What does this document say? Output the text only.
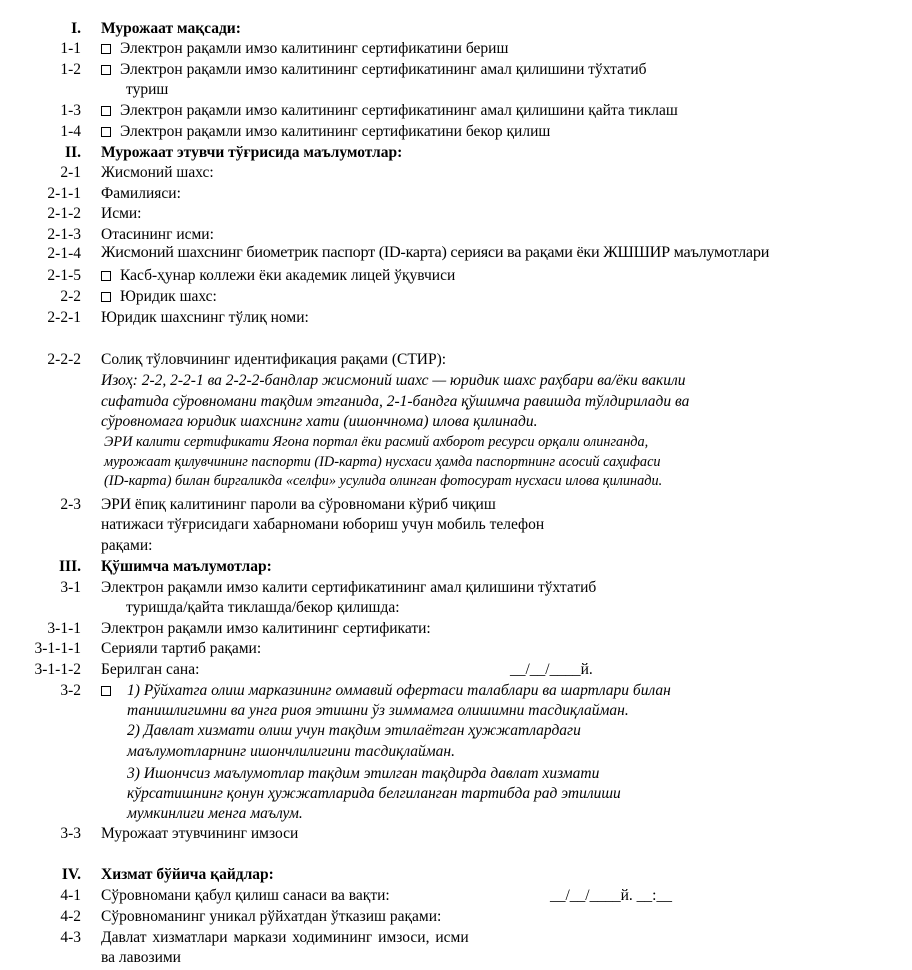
I. Мурожаат мақсади:
1-1	Электрон рақамли имзо калитининг сертификатини бериш
1-2	Электрон рақамли имзо калитининг сертификатининг амал қилишини тўхтатиб
туриш
1-3	Электрон рақамли имзо калитининг сертификатининг амал қилишини қайта тиклаш
1-4	Электрон рақамли имзо калитининг сертификатини бекор қилиш
II. Мурожаат этувчи тўғрисида маълумотлар:
2-1 Жисмоний шахс:
2-1-1 Фамилияси:
2-1-2 Исми:
2-1-3 Отасининг исми:
2-1-4 Жисмоний шахснинг биометрик паспорт (ID-карта) серияси ва рақами ёки ЖШШИР маълумотлари
2-1-5	Касб-ҳунар коллежи ёки академик лицей ўқувчиси
2-2	Юридик шахс:
2-2-1 Юридик шахснинг тўлиқ номи:
2-2-2 Солиқ тўловчининг идентификация рақами (СТИР):
Изоҳ: 2-2, 2-2-1 ва 2-2-2-бандлар жисмоний шахс — юридик шахс раҳбари ва/ёки вакили
сифатида сўровномани тақдим этганида, 2-1-бандга қўшимча равишда тўлдирилади ва
сўровномага юридик шахснинг хати (ишончнома) илова қилинади.
ЭРИ калити сертификати Ягона портал ёки расмий ахборот ресурси орқали олинганда,
мурожаат қилувчининг паспорти (ID-карта) нусхаси ҳамда паспортнинг асосий саҳифаси
(ID-карта) билан биргаликда «селфи» усулида олинган фотосурат нусхаси илова қилинади.
2-3 ЭРИ ёпиқ калитининг пароли ва сўровномани кўриб чиқиш
натижаси тўғрисидаги хабарномани юбориш учун мобиль телефон
рақами:
III. Қўшимча маълумотлар:
3-1 Электрон рақамли имзо калити сертификатининг амал қилишини тўхтатиб
туришда/қайта тиклашда/бекор қилишда:
3-1-1 Электрон рақамли имзо калитининг сертификати:
3-1-1-1 Серияли тартиб рақами:
3-1-1-2 Берилган сана:	__/__/____й.
3-2	1) Рўйхатга олиш марказининг оммавий офертаси талаблари ва шартлари билан
танишлигимни ва унга риоя этишни ўз зиммамга олишимни тасдиқлайман.
2) Давлат хизмати олиш учун тақдим этилаётган ҳужжатлардаги
маълумотларнинг ишончлилигини тасдиқлайман.
3) Ишончсиз маълумотлар тақдим этилган тақдирда давлат хизмати
кўрсатишнинг қонун ҳужжатларида белгиланган тартибда рад этилиши
мумкинлиги менга маълум.
3-3 Мурожаат этувчининг имзоси
IV. Хизмат бўйича қайдлар:
4-1 Сўровномани қабул қилиш санаси ва вақти:	__/__/____й. __:__
4-2 Сўровноманинг уникал рўйхатдан ўтказиш рақами:
4-3 Давлат хизматлари маркази ходимининг имзоси, исми
ва лавозими
